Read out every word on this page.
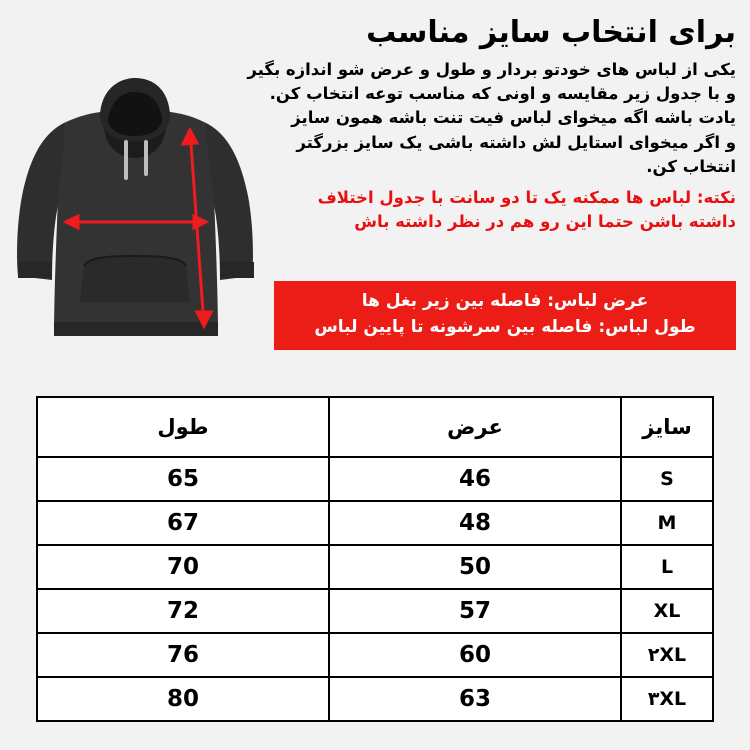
برای انتخاب سایز مناسب
یکی از لباس های خودتو بردار و طول و عرض شو اندازه بگیر
و با جدول زیر مقایسه و اونی که مناسب توعه انتخاب کن.
یادت باشه اگه میخوای لباس فیت تنت باشه همون سایز
و اگر میخوای استایل لش داشته باشی یک سایز بزرگتر
انتخاب کن.
نکته: لباس ها ممکنه یک تا دو سانت با جدول اختلاف
داشته باشن حتما این رو هم در نظر داشته باش
عرض لباس: فاصله بین زیر بغل ها
طول لباس: فاصله بین سرشونه تا پایین لباس
سایز	عرض	طول
S	46	65
M	48	67
L	50	70
XL	57	72
۲XL	60	76
۳XL	63	80
